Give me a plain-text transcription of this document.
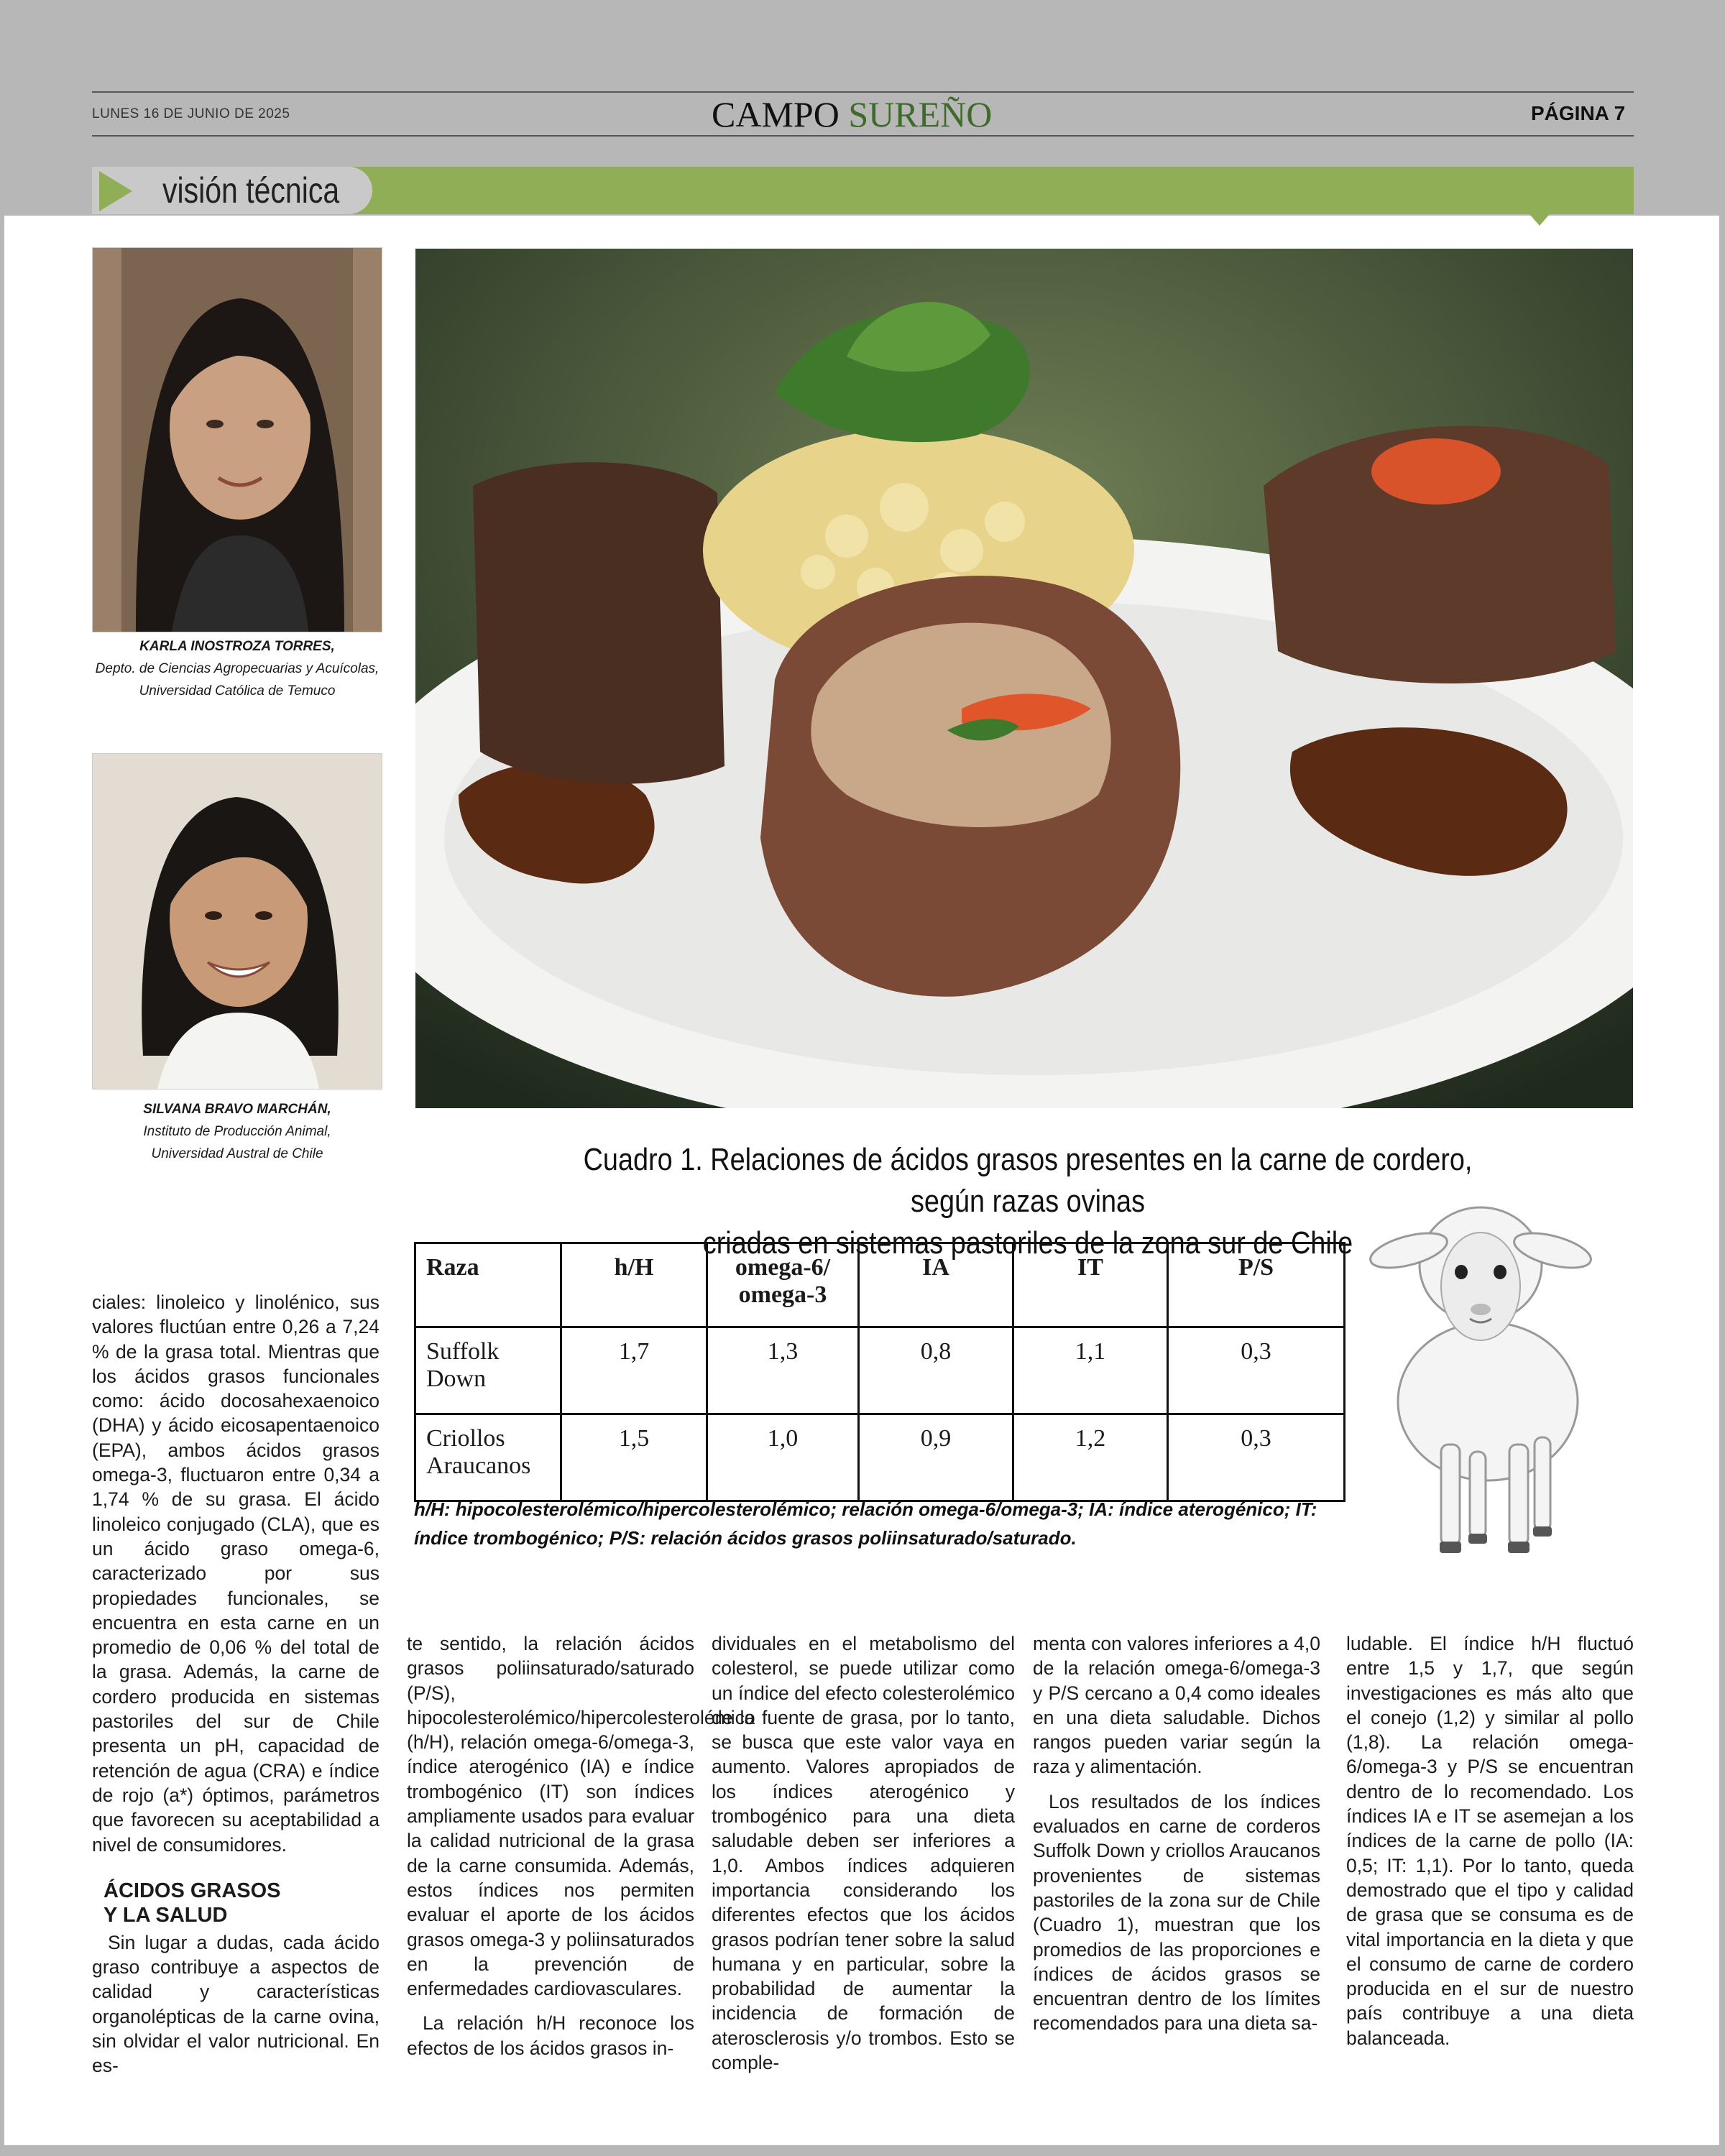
LUNES 16 DE JUNIO DE 2025	CAMPO SUREÑO	PÁGINA 7
visión técnica
KARLA INOSTROZA TORRES,
Depto. de Ciencias Agropecuarias y Acuícolas,
Universidad Católica de Temuco
SILVANA BRAVO MARCHÁN,
Instituto de Producción Animal,
Universidad Austral de Chile	Cuadro 1. Relaciones de ácidos grasos presentes en la carne de cordero, según razas ovinas
criadas en sistemas pastoriles de la zona sur de Chile
Raza	h/H	omega-6/ omega-3	IA	IT	P/S
Suffolk Down	1,7	1,3	0,8	1,1	0,3
Criollos Araucanos	1,5	1,0	0,9	1,2	0,3
h/H: hipocolesterolémico/hipercolesterolémico; relación omega-6/omega-3; IA: índice aterogénico; IT: índice trombogénico; P/S: relación ácidos grasos poliinsaturado/saturado.

ciales: linoleico y linolénico, sus valores fluctúan entre 0,26 a 7,24 % de la grasa total. Mientras que los ácidos grasos funcionales como: ácido docosahexaenoico (DHA) y ácido eicosapentaenoico (EPA), ambos ácidos grasos omega-3, fluctuaron entre 0,34 a 1,74 % de su grasa. El ácido linoleico conjugado (CLA), que es un ácido graso omega-6, caracterizado por sus propiedades funcionales, se encuentra en esta carne en un promedio de 0,06 % del total de la grasa. Además, la carne de cordero producida en sistemas pastoriles del sur de Chile presenta un pH, capacidad de retención de agua (CRA) e índice de rojo (a*) óptimos, parámetros que favorecen su aceptabilidad a nivel de consumidores.

ÁCIDOS GRASOS
Y LA SALUD

Sin lugar a dudas, cada ácido graso contribuye a aspectos de calidad y características organolépticas de la carne ovina, sin olvidar el valor nutricional. En es-

te sentido, la relación ácidos grasos poliinsaturado/saturado (P/S), hipocolesterolémico/hipercolesterolémico (h/H), relación omega-6/omega-3, índice aterogénico (IA) e índice trombogénico (IT) son índices ampliamente usados para evaluar la calidad nutricional de la grasa de la carne consumida. Además, estos índices nos permiten evaluar el aporte de los ácidos grasos omega-3 y poliinsaturados en la prevención de enfermedades cardiovasculares.

La relación h/H reconoce los efectos de los ácidos grasos in-

dividuales en el metabolismo del colesterol, se puede utilizar como un índice del efecto colesterolémico de la fuente de grasa, por lo tanto, se busca que este valor vaya en aumento. Valores apropiados de los índices aterogénico y trombogénico para una dieta saludable deben ser inferiores a 1,0. Ambos índices adquieren importancia considerando los diferentes efectos que los ácidos grasos podrían tener sobre la salud humana y en particular, sobre la probabilidad de aumentar la incidencia de formación de aterosclerosis y/o trombos. Esto se comple-

menta con valores inferiores a 4,0 de la relación omega-6/omega-3 y P/S cercano a 0,4 como ideales en una dieta saludable. Dichos rangos pueden variar según la raza y alimentación.

Los resultados de los índices evaluados en carne de corderos Suffolk Down y criollos Araucanos provenientes de sistemas pastoriles de la zona sur de Chile (Cuadro 1), muestran que los promedios de las proporciones e índices de ácidos grasos se encuentran dentro de los límites recomendados para una dieta sa-

ludable. El índice h/H fluctuó entre 1,5 y 1,7, que según investigaciones es más alto que el conejo (1,2) y similar al pollo (1,8). La relación omega-6/omega-3 y P/S se encuentran dentro de lo recomendado. Los índices IA e IT se asemejan a los índices de la carne de pollo (IA: 0,5; IT: 1,1). Por lo tanto, queda demostrado que el tipo y calidad de grasa que se consuma es de vital importancia en la dieta y que el consumo de carne de cordero producida en el sur de nuestro país contribuye a una dieta balanceada.
